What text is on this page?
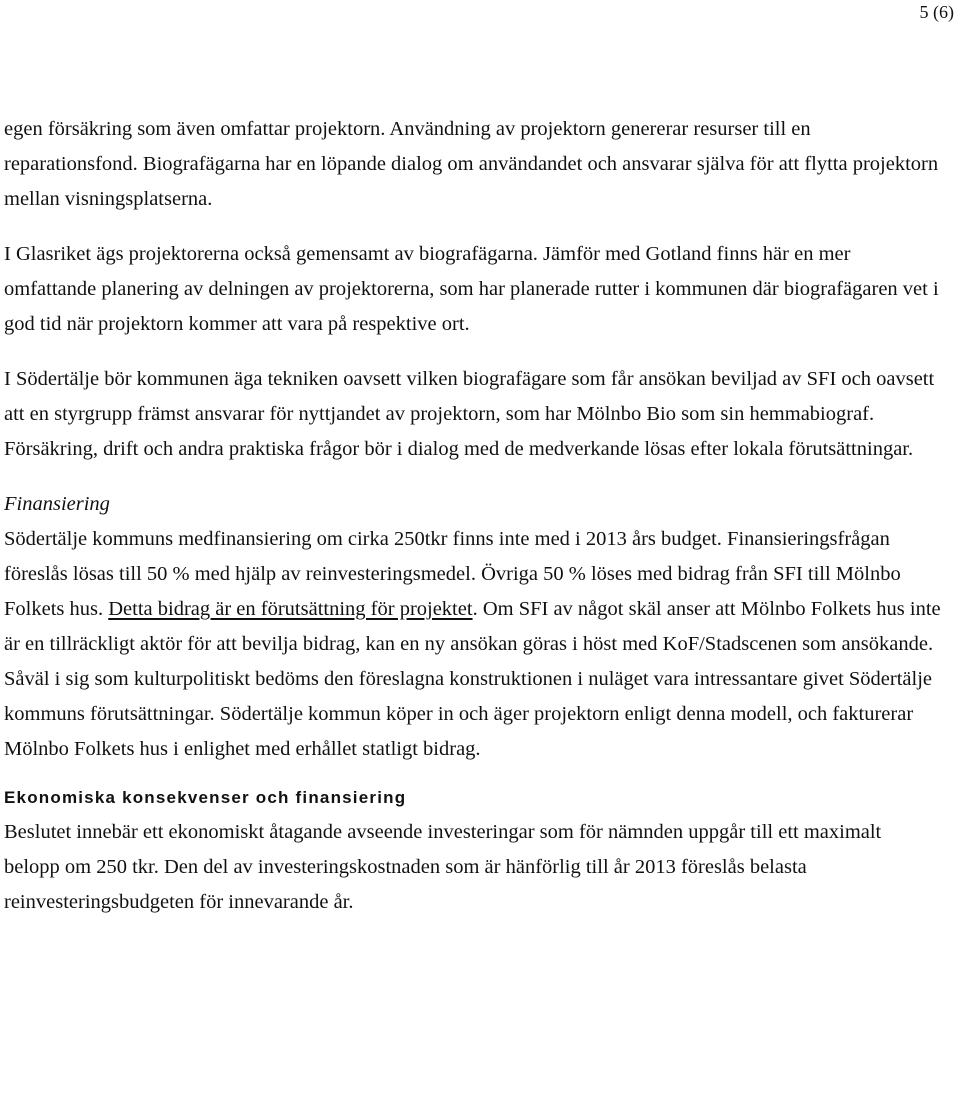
5 (6)

egen försäkring som även omfattar projektorn. Användning av projektorn genererar resurser till en reparationsfond. Biografägarna har en löpande dialog om användandet och ansvarar själva för att flytta projektorn mellan visningsplatserna.

I Glasriket ägs projektorerna också gemensamt av biografägarna. Jämför med Gotland finns här en mer omfattande planering av delningen av projektorerna, som har planerade rutter i kommunen där biografägaren vet i god tid när projektorn kommer att vara på respektive ort.

I Södertälje bör kommunen äga tekniken oavsett vilken biografägare som får ansökan beviljad av SFI och oavsett att en styrgrupp främst ansvarar för nyttjandet av projektorn, som har Mölnbo Bio som sin hemmabiograf. Försäkring, drift och andra praktiska frågor bör i dialog med de medverkande lösas efter lokala förutsättningar.

Finansiering

Södertälje kommuns medfinansiering om cirka 250tkr finns inte med i 2013 års budget. Finansieringsfrågan föreslås lösas till 50 % med hjälp av reinvesteringsmedel. Övriga 50 % löses med bidrag från SFI till Mölnbo Folkets hus. Detta bidrag är en förutsättning för projektet. Om SFI av något skäl anser att Mölnbo Folkets hus inte är en tillräckligt aktör för att bevilja bidrag, kan en ny ansökan göras i höst med KoF/Stadscenen som ansökande. Såväl i sig som kulturpolitiskt bedöms den föreslagna konstruktionen i nuläget vara intressantare givet Södertälje kommuns förutsättningar. Södertälje kommun köper in och äger projektorn enligt denna modell, och fakturerar Mölnbo Folkets hus i enlighet med erhållet statligt bidrag.

Ekonomiska konsekvenser och finansiering

Beslutet innebär ett ekonomiskt åtagande avseende investeringar som för nämnden uppgår till ett maximalt belopp om 250 tkr. Den del av investeringskostnaden som är hänförlig till år 2013 föreslås belasta reinvesteringsbudgeten för innevarande år.
